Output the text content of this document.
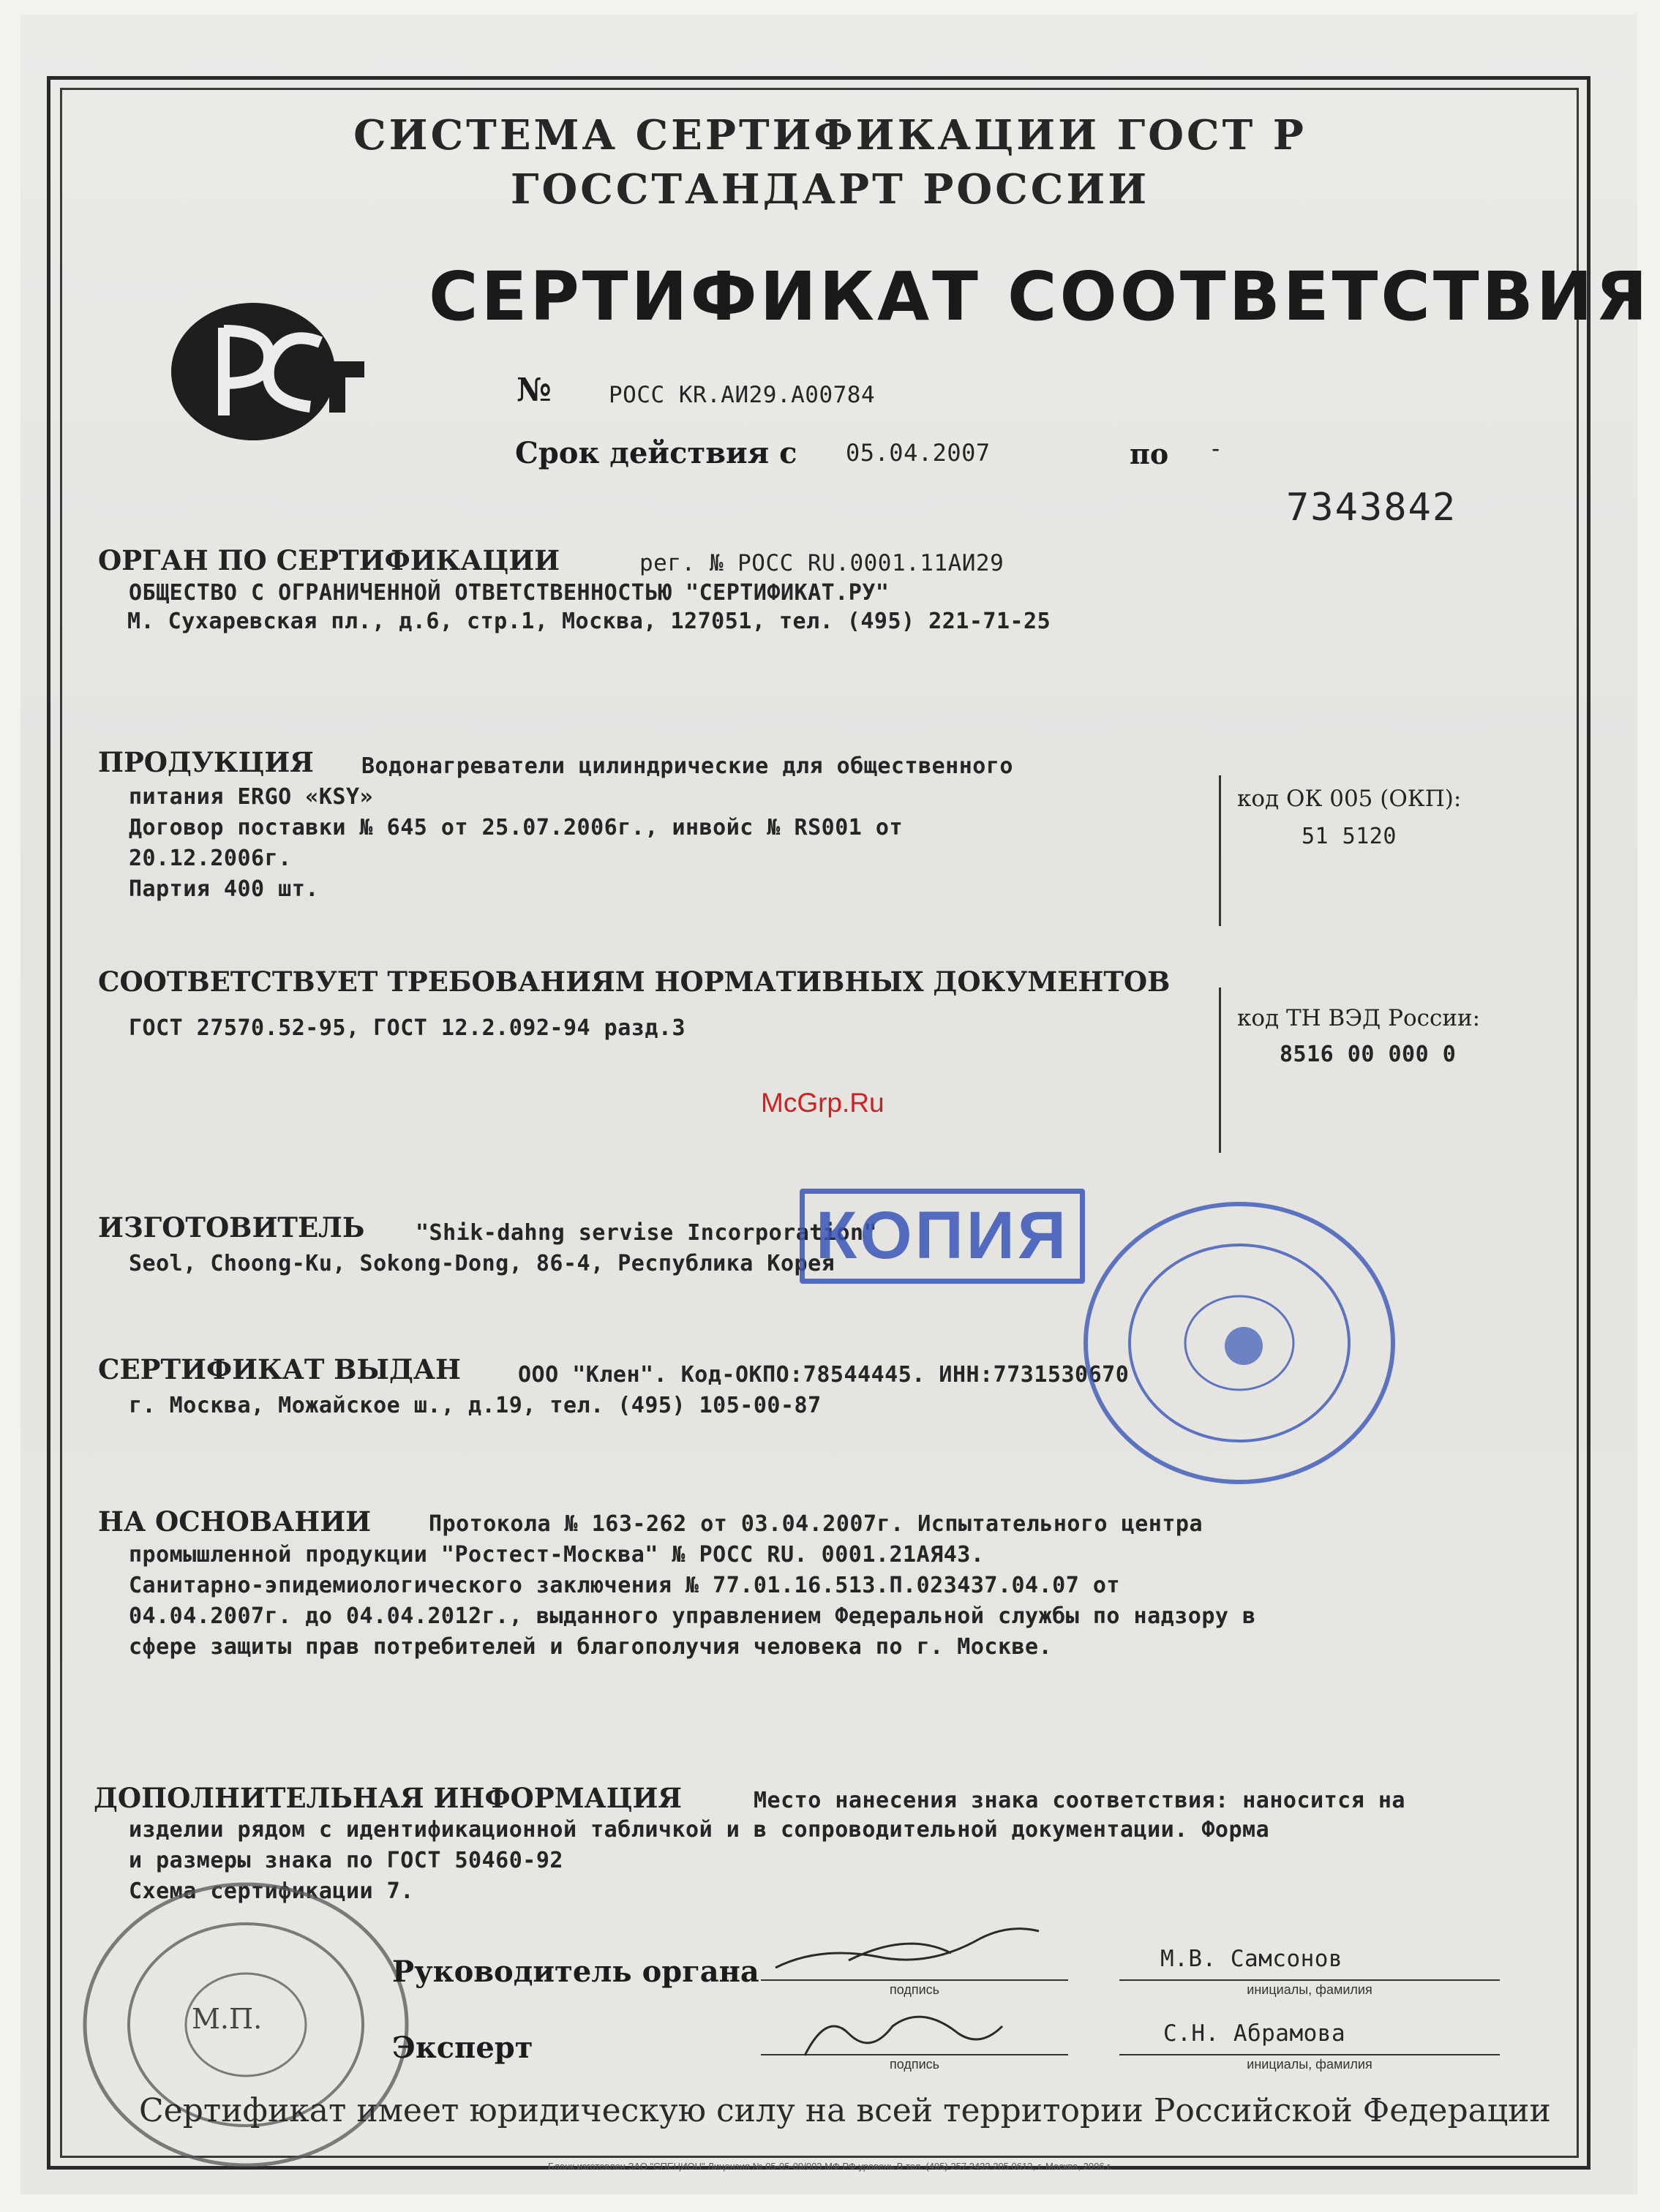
СИСТЕМА СЕРТИФИКАЦИИ ГОСТ Р
ГОССТАНДАРТ РОССИИ
СЕРТИФИКАТ СООТВЕТСТВИЯ
№	РОСС KR.АИ29.А00784
Срок действия с 05.04.2007	по -
7343842
ОРГАН ПО СЕРТИФИКАЦИИ	рег. № РОСС RU.0001.11АИ29
ОБЩЕСТВО С ОГРАНИЧЕННОЙ ОТВЕТСТВЕННОСТЬЮ "СЕРТИФИКАТ.РУ"
М. Сухаревская пл., д.6, стр.1, Москва, 127051, тел. (495) 221-71-25
ПРОДУКЦИЯ Водонагреватели цилиндрические для общественного
питания ERGO «KSY»
Договор поставки № 645 от 25.07.2006г., инвойс № RS001 от
20.12.2006г.
Партия 400 шт.
код ОК 005 (ОКП):
51 5120
СООТВЕТСТВУЕТ ТРЕБОВАНИЯМ НОРМАТИВНЫХ ДОКУМЕНТОВ
ГОСТ 27570.52-95, ГОСТ 12.2.092-94 разд.3	код ТН ВЭД России:
8516 00 000 0
McGrp.Ru
ИЗГОТОВИТЕЛЬ "Shik-dahng servise Incorporation"
Seol, Choong-Ku, Sokong-Dong, 86-4, Республика Корея
КОПИЯ
СЕРТИФИКАТ ВЫДАН	ООО "Клен". Код-ОКПО:78544445. ИНН:7731530670
г. Москва, Можайское ш., д.19, тел. (495) 105-00-87
НА ОСНОВАНИИ	Протокола № 163-262 от 03.04.2007г. Испытательного центра
промышленной продукции "Ростест-Москва" № РОСС RU. 0001.21АЯ43.
Санитарно-эпидемиологического заключения № 77.01.16.513.П.023437.04.07 от
04.04.2007г. до 04.04.2012г., выданного управлением Федеральной службы по надзору в
сфере защиты прав потребителей и благополучия человека по г. Москве.
ДОПОЛНИТЕЛЬНАЯ ИНФОРМАЦИЯ	Место нанесения знака соответствия: наносится на
изделии рядом с идентификационной табличкой и в сопроводительной документации. Форма
и размеры знака по ГОСТ 50460-92
Схема сертификации 7.
М.П.
Руководитель органа
подпись
М.В. Самсонов
инициалы, фамилия
Эксперт	подпись
С.Н. Абрамова
инициалы, фамилия
Сертификат имеет юридическую силу на всей территории Российской Федерации
Бланк изготовлен ЗАО "СПЕЦИОН" Лицензия № 05-05-09/003 МФ РФ уровень В тел. (495) 257 2432 205 0613, г. Москва, 2006 г.
